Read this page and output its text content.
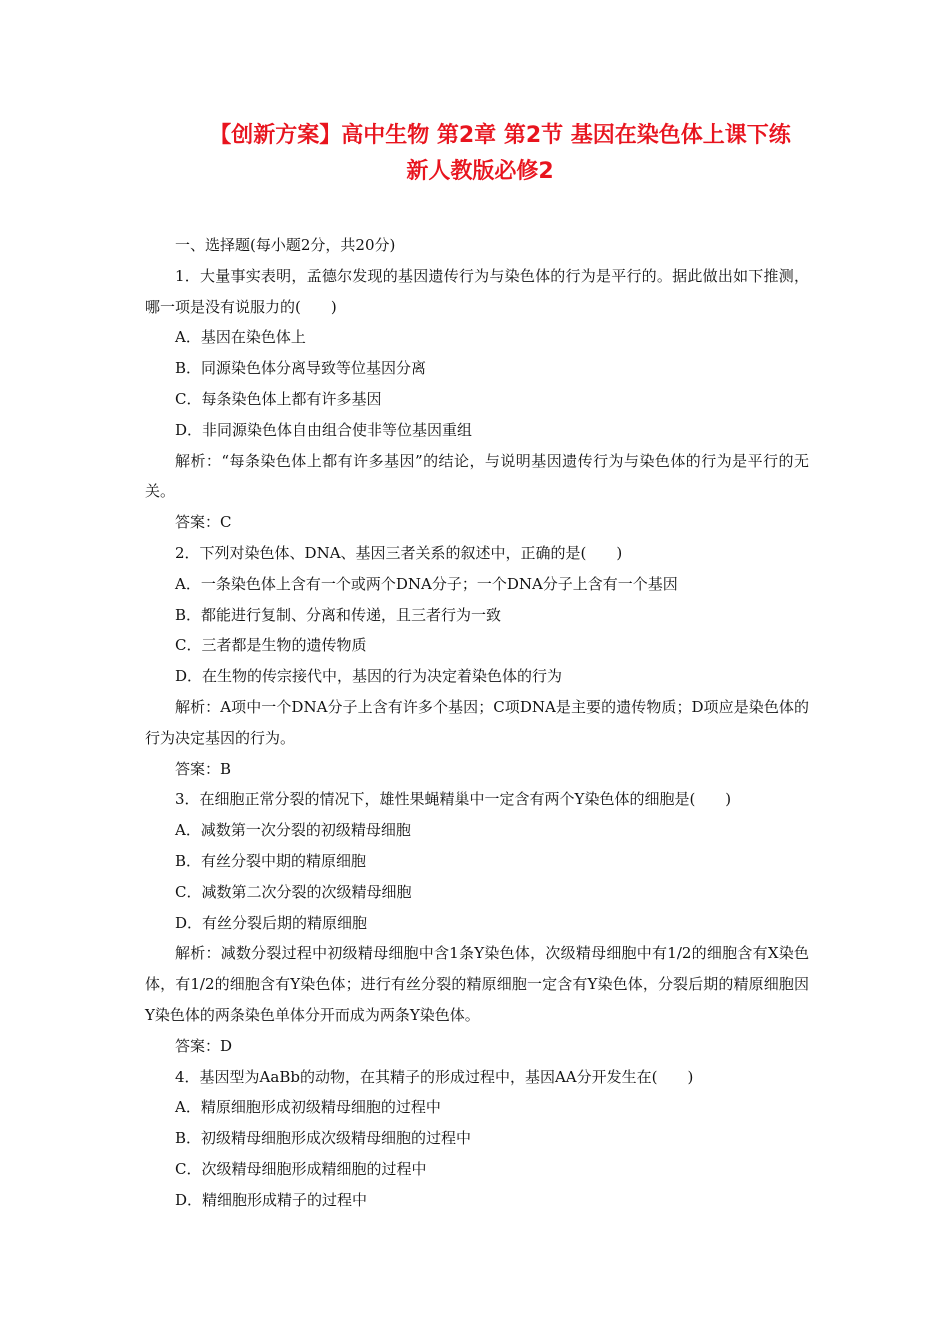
【创新方案】高中生物 第2章 第2节 基因在染色体上课下练
新人教版必修2

一、选择题(每小题2分，共20分)

1．大量事实表明，孟德尔发现的基因遗传行为与染色体的行为是平行的。据此做出如下推测，哪一项是没有说服力的(　　)

A．基因在染色体上

B．同源染色体分离导致等位基因分离

C．每条染色体上都有许多基因

D．非同源染色体自由组合使非等位基因重组

解析：“每条染色体上都有许多基因”的结论，与说明基因遗传行为与染色体的行为是平行的无关。

答案：C

2．下列对染色体、DNA、基因三者关系的叙述中，正确的是(　　)

A．一条染色体上含有一个或两个DNA分子；一个DNA分子上含有一个基因

B．都能进行复制、分离和传递，且三者行为一致

C．三者都是生物的遗传物质

D．在生物的传宗接代中，基因的行为决定着染色体的行为

解析：A项中一个DNA分子上含有许多个基因；C项DNA是主要的遗传物质；D项应是染色体的行为决定基因的行为。

答案：B

3．在细胞正常分裂的情况下，雄性果蝇精巢中一定含有两个Y染色体的细胞是(　　)

A．减数第一次分裂的初级精母细胞

B．有丝分裂中期的精原细胞

C．减数第二次分裂的次级精母细胞

D．有丝分裂后期的精原细胞

解析：减数分裂过程中初级精母细胞中含1条Y染色体，次级精母细胞中有1/2的细胞含有X染色体，有1/2的细胞含有Y染色体；进行有丝分裂的精原细胞一定含有Y染色体，分裂后期的精原细胞因Y染色体的两条染色单体分开而成为两条Y染色体。

答案：D

4．基因型为AaBb的动物，在其精子的形成过程中，基因AA分开发生在(　　)

A．精原细胞形成初级精母细胞的过程中

B．初级精母细胞形成次级精母细胞的过程中

C．次级精母细胞形成精细胞的过程中

D．精细胞形成精子的过程中
